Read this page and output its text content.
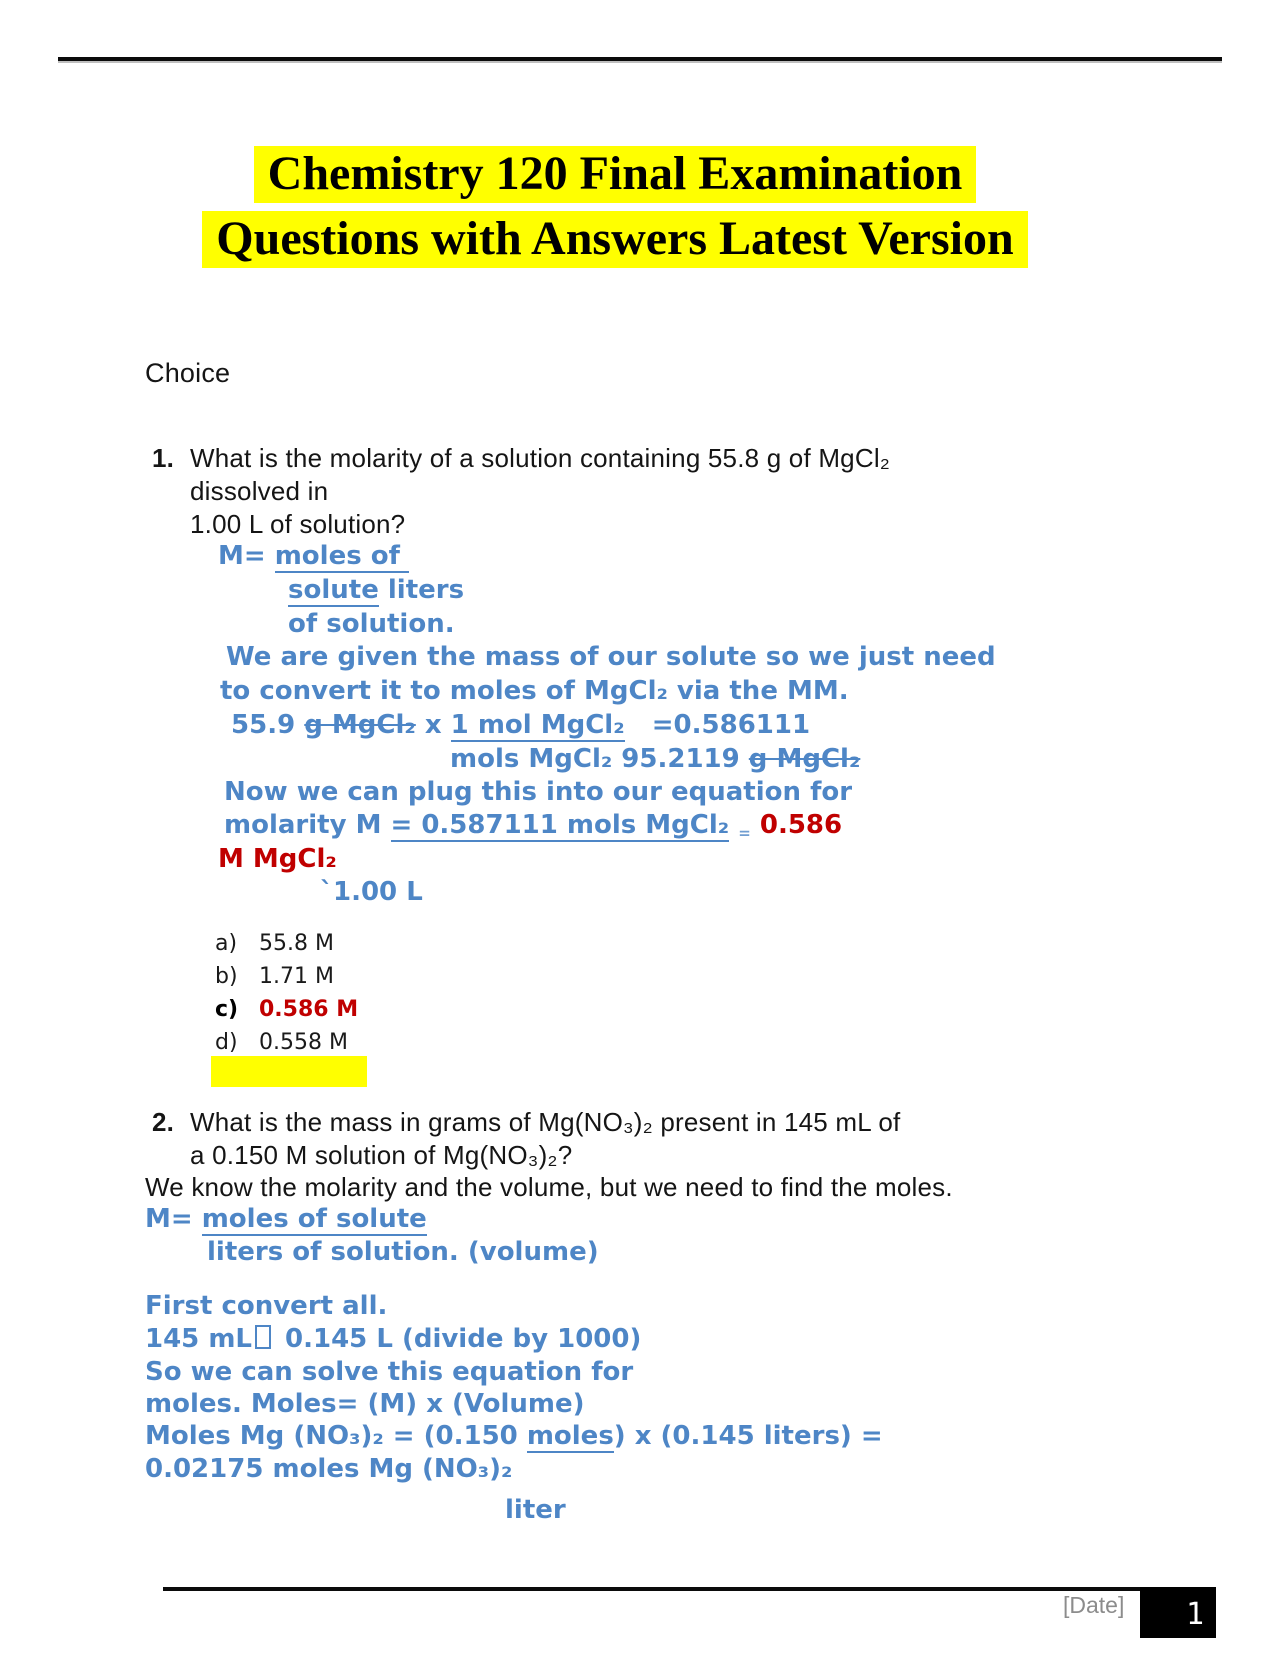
Chemistry 120 Final Examination
Questions with Answers Latest Version
Choice
1. What is the molarity of a solution containing 55.8 g of MgCl₂
dissolved in
1.00 L of solution?
M= moles of
solute liters
of solution.
We are given the mass of our solute so we just need
to convert it to moles of MgCl₂ via the MM.
55.9 g MgCl₂ x 1 mol MgCl₂   =0.586111
mols MgCl₂ 95.2119 g MgCl₂
Now we can plug this into our equation for
molarity M = 0.587111 mols MgCl₂ = 0.586
M MgCl₂
`1.00 L
a) 55.8 M
b) 1.71 M
c) 0.586 M
d) 0.558 M
2. What is the mass in grams of Mg(NO₃)₂ present in 145 mL of
a 0.150 M solution of Mg(NO₃)₂?
We know the molarity and the volume, but we need to find the moles.
M= moles of solute
liters of solution. (volume)
First convert all.
145 mL 0.145 L (divide by 1000)
So we can solve this equation for
moles. Moles= (M) x (Volume)
Moles Mg (NO₃)₂ = (0.150 moles) x (0.145 liters) =
0.02175 moles Mg (NO₃)₂
liter
[Date]	1
